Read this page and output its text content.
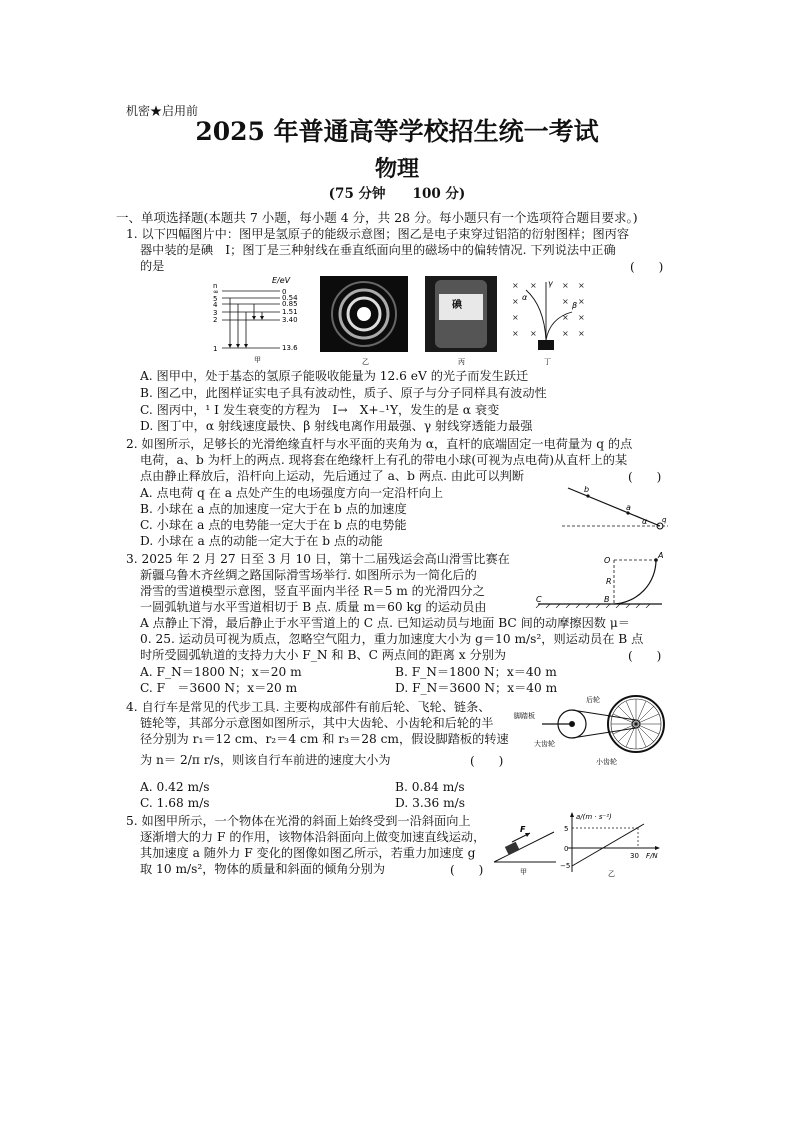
机密★启用前
2025 年普通高等学校招生统一考试
物理
(75 分钟　　100 分)
一、单项选择题(本题共 7 小题，每小题 4 分，共 28 分。每小题只有一个选项符合题目要求。)
1. 以下四幅图片中：图甲是氢原子的能级示意图；图乙是电子束穿过铝箔的衍射图样；图丙容
器中装的是碘　I；图丁是三种射线在垂直纸面向里的磁场中的偏转情况. 下列说法中正确
的是	(　　)
E/eV
n
∞
5
4
3
2
1
0
0.54
0.85
1.51
3.40
13.6
甲	乙
碘
丙
× ×	× ×
×	× ×
×	× ×
× ×	× ×
α
γ
β
丁
A. 图甲中，处于基态的氢原子能吸收能量为 12.6 eV 的光子而发生跃迁
B. 图乙中，此图样证实电子具有波动性，质子、原子与分子同样具有波动性
C. 图丙中，¹ I 发生衰变的方程为　I→　X+₋¹Y，发生的是 α 衰变
D. 图丁中，α 射线速度最快、β 射线电离作用最强、γ 射线穿透能力最强
2. 如图所示，足够长的光滑绝缘直杆与水平面的夹角为 α，直杆的底端固定一电荷量为 q 的点
电荷，a、b 为杆上的两点. 现将套在绝缘杆上有孔的带电小球(可视为点电荷)从直杆上的某
点由静止释放后，沿杆向上运动，先后通过了 a、b 两点. 由此可以判断	(　　)
A. 点电荷 q 在 a 点处产生的电场强度方向一定沿杆向上
B. 小球在 a 点的加速度一定大于在 b 点的加速度
C. 小球在 a 点的电势能一定大于在 b 点的电势能
D. 小球在 a 点的动能一定大于在 b 点的动能
b
a
α q
3. 2025 年 2 月 27 日至 3 月 10 日，第十二届残运会高山滑雪比赛在
新疆乌鲁木齐丝绸之路国际滑雪场举行. 如图所示为一简化后的
滑雪的雪道模型示意图，竖直平面内半径 R＝5 m 的光滑四分之
一圆弧轨道与水平雪道相切于 B 点. 质量 m＝60 kg 的运动员由
A 点静止下滑，最后静止于水平雪道上的 C 点. 已知运动员与地面 BC 间的动摩擦因数 μ＝
0. 25. 运动员可视为质点，忽略空气阻力，重力加速度大小为 g＝10 m/s²，则运动员在 B 点
时所受圆弧轨道的支持力大小 F_N 和 B、C 两点间的距离 x 分别为	(　　)
A. F_N＝1800 N；x＝20 m	B. F_N＝1800 N；x＝40 m
C. F　＝3600 N；x＝20 m	D. F_N＝3600 N；x＝40 m
O
A
R
B
C
4. 自行车是常见的代步工具. 主要构成部件有前后轮、飞轮、链条、
链轮等，其部分示意图如图所示，其中大齿轮、小齿轮和后轮的半
径分别为 r₁＝12 cm、r₂＝4 cm 和 r₃＝28 cm，假设脚踏板的转速
为 n＝ 2/π r/s，则该自行车前进的速度大小为	(　　)
A. 0.42 m/s	B. 0.84 m/s
C. 1.68 m/s	D. 3.36 m/s
脚踏板
后轮
大齿轮
小齿轮
5. 如图甲所示，一个物体在光滑的斜面上始终受到一沿斜面向上
逐渐增大的力 F 的作用，该物体沿斜面向上做变加速直线运动，
其加速度 a 随外力 F 变化的图像如图乙所示，若重力加速度 g
取 10 m/s²，物体的质量和斜面的倾角分别为	(　　)
F
甲
a/(m · s⁻²)
5
0
−5
30 F/N
乙
